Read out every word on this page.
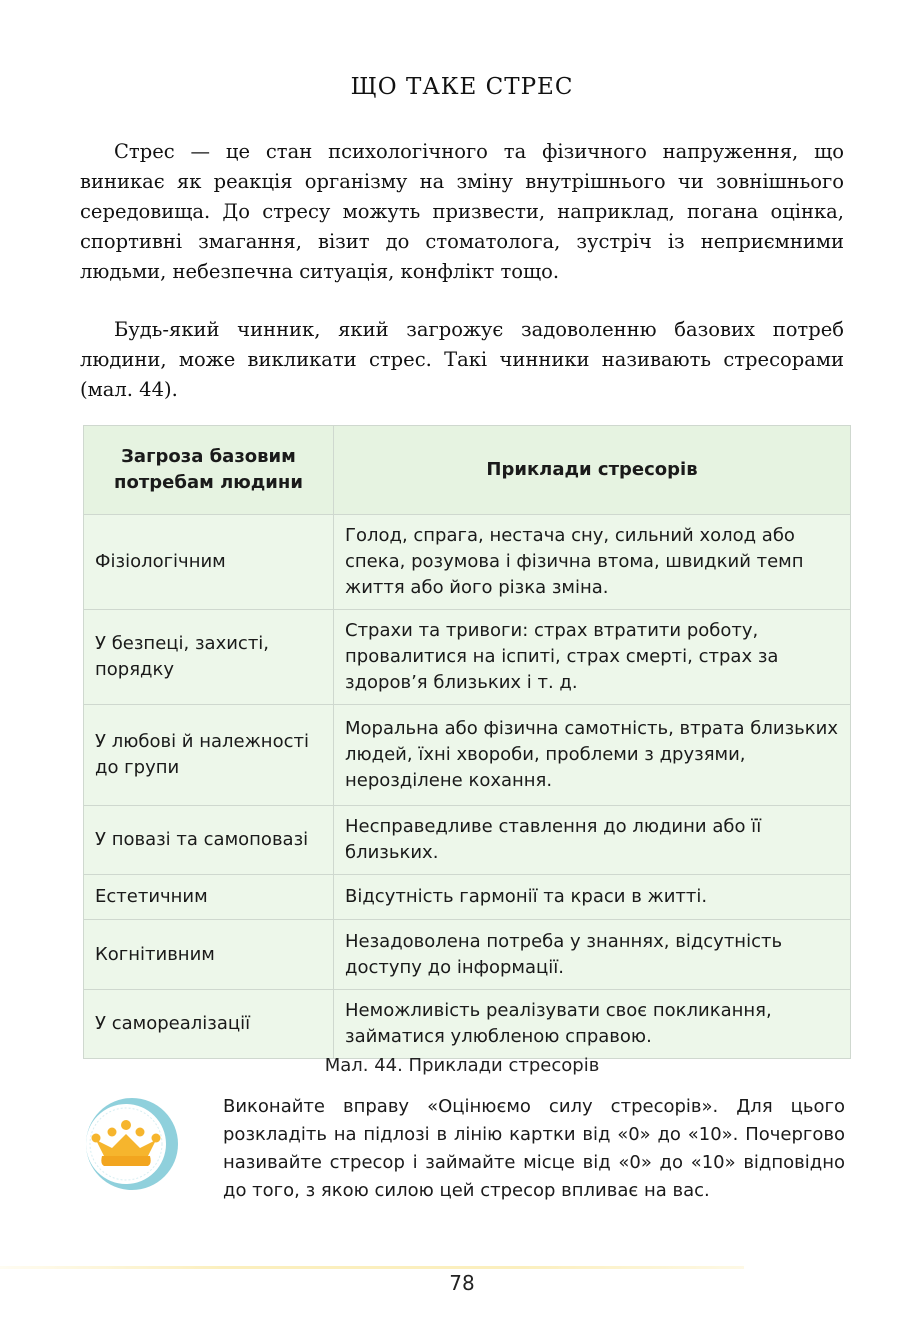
ЩО ТАКЕ СТРЕС

Стрес — це стан психологічного та фізичного напруження, що виникає як реакція організму на зміну внутрішнього чи зовнішнього середовища. До стресу можуть призвести, наприклад, погана оцінка, спортивні змагання, візит до стоматолога, зустріч із неприємними людьми, небезпечна ситуація, конфлікт тощо.

Будь-який чинник, який загрожує задоволенню базових потреб людини, може викликати стрес. Такі чинники називають стресорами (мал. 44).

Загроза базовим потребам людини	Приклади стресорів
Фізіологічним	Голод, спрага, нестача сну, сильний холод або спека, розумова і фізична втома, швидкий темп життя або його різка зміна.
У безпеці, захисті, порядку	Страхи та тривоги: страх втратити роботу, провалитися на іспиті, страх смерті, страх за здоров’я близьких і т. д.
У любові й належності до групи	Моральна або фізична самотність, втрата близьких людей, їхні хвороби, проблеми з друзями, нерозділене кохання.
У повазі та самоповазі	Несправедливе ставлення до людини або її близьких.
Естетичним	Відсутність гармонії та краси в житті.
Когнітивним	Незадоволена потреба у знаннях, відсутність доступу до інформації.
У самореалізації	Неможливість реалізувати своє покликання, займатися улюбленою справою.
Мал. 44. Приклади стресорів

Виконайте вправу «Оцінюємо силу стресорів». Для цього розкладіть на підлозі в лінію картки від «0» до «10». Почергово називайте стресор і займайте місце від «0» до «10» відповідно до того, з якою силою цей стресор впливає на вас.

78
